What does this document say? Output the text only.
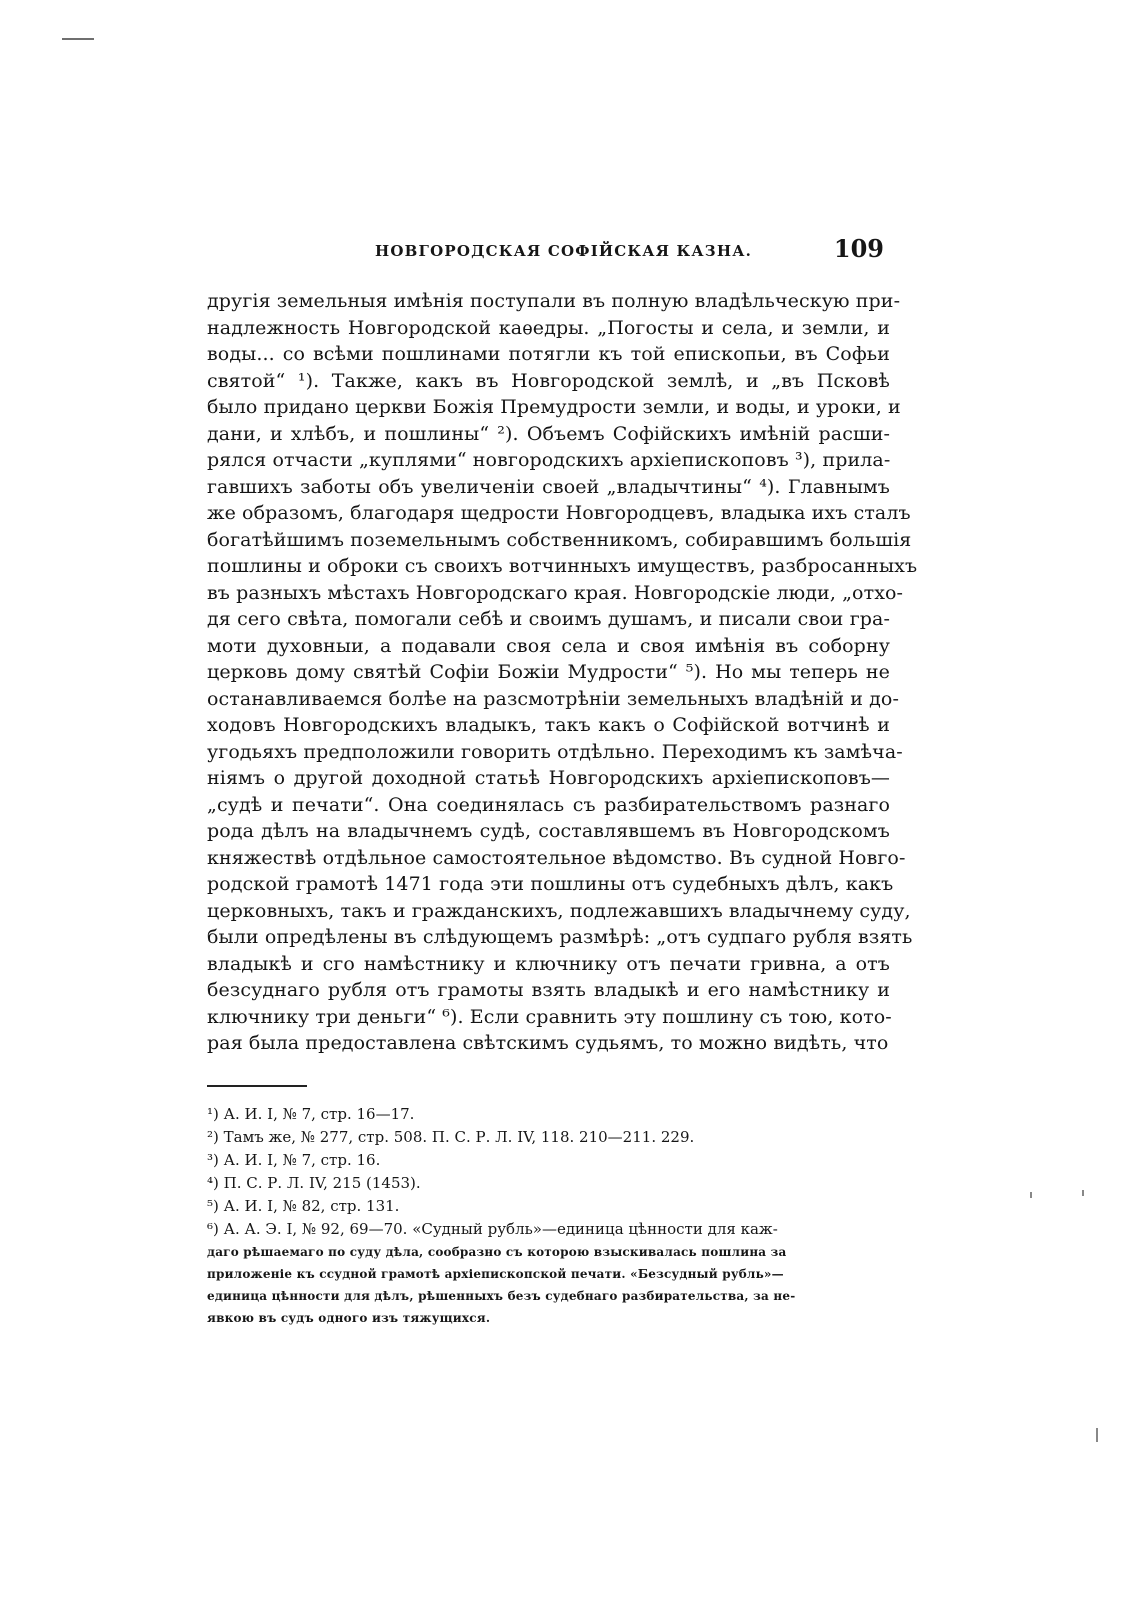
НОВГОРОДСКАЯ СОФІЙСКАЯ КАЗНА.	109
другія земельныя имѣнія поступали въ полную владѣльческую при-
надлежность Новгородской каѳедры. „Погосты и села, и земли, и
воды... со всѣми пошлинами потягли къ той епископьи, въ Софьи
святой“ ¹). Также, какъ въ Новгородской землѣ, и „въ Псковѣ
было придано церкви Божія Премудрости земли, и воды, и уроки, и
дани, и хлѣбъ, и пошлины“ ²). Объемъ Софійскихъ имѣній расши-
рялся отчасти „куплями“ новгородскихъ архіепископовъ ³), прила-
гавшихъ заботы объ увеличеніи своей „владычтины“ ⁴). Главнымъ
же образомъ, благодаря щедрости Новгородцевъ, владыка ихъ сталъ
богатѣйшимъ поземельнымъ собственникомъ, собиравшимъ большія
пошлины и оброки съ своихъ вотчинныхъ имуществъ, разбросанныхъ
въ разныхъ мѣстахъ Новгородскаго края. Новгородскіе люди, „отхо-
дя сего свѣта, помогали себѣ и своимъ душамъ, и писали свои гра-
моти духовныи, а подавали своя села и своя имѣнія въ соборну
церковь дому святѣй Софіи Божіи Мудрости“ ⁵). Но мы теперь не
останавливаемся болѣе на разсмотрѣніи земельныхъ владѣній и до-
ходовъ Новгородскихъ владыкъ, такъ какъ о Софійской вотчинѣ и
угодьяхъ предположили говорить отдѣльно. Переходимъ къ замѣча-
ніямъ о другой доходной статьѣ Новгородскихъ архіепископовъ—
„судѣ и печати“. Она соединялась съ разбирательствомъ разнаго
рода дѣлъ на владычнемъ судѣ, составлявшемъ въ Новгородскомъ
княжествѣ отдѣльное самостоятельное вѣдомство. Въ судной Новго-
родской грамотѣ 1471 года эти пошлины отъ судебныхъ дѣлъ, какъ
церковныхъ, такъ и гражданскихъ, подлежавшихъ владычнему суду,
были опредѣлены въ слѣдующемъ размѣрѣ: „отъ судпаго рубля взять
владыкѣ и сго намѣстнику и ключнику отъ печати гривна, а отъ
безсуднаго рубля отъ грамоты взять владыкѣ и его намѣстнику и
ключнику три деньги“ ⁶). Если сравнить эту пошлину съ тою, кото-
рая была предоставлена свѣтскимъ судьямъ, то можно видѣть, что
¹) А. И. I, № 7, стр. 16—17.
²) Тамъ же, № 277, стр. 508. П. С. Р. Л. IV, 118. 210—211. 229.
³) А. И. I, № 7, стр. 16.
⁴) П. С. Р. Л. IV, 215 (1453).
⁵) А. И. I, № 82, стр. 131.
⁶) А. А. Э. I, № 92, 69—70. «Судный рубль»—единица цѣнности для каж-
даго рѣшаемаго по суду дѣла, сообразно съ которою взыскивалась пошлина за
приложеніе къ ссудной грамотѣ архіепископской печати. «Безсудный рубль»—
единица цѣнности для дѣлъ, рѣшенныхъ безъ судебнаго разбирательства, за не-
явкою въ судъ одного изъ тяжущихся.
